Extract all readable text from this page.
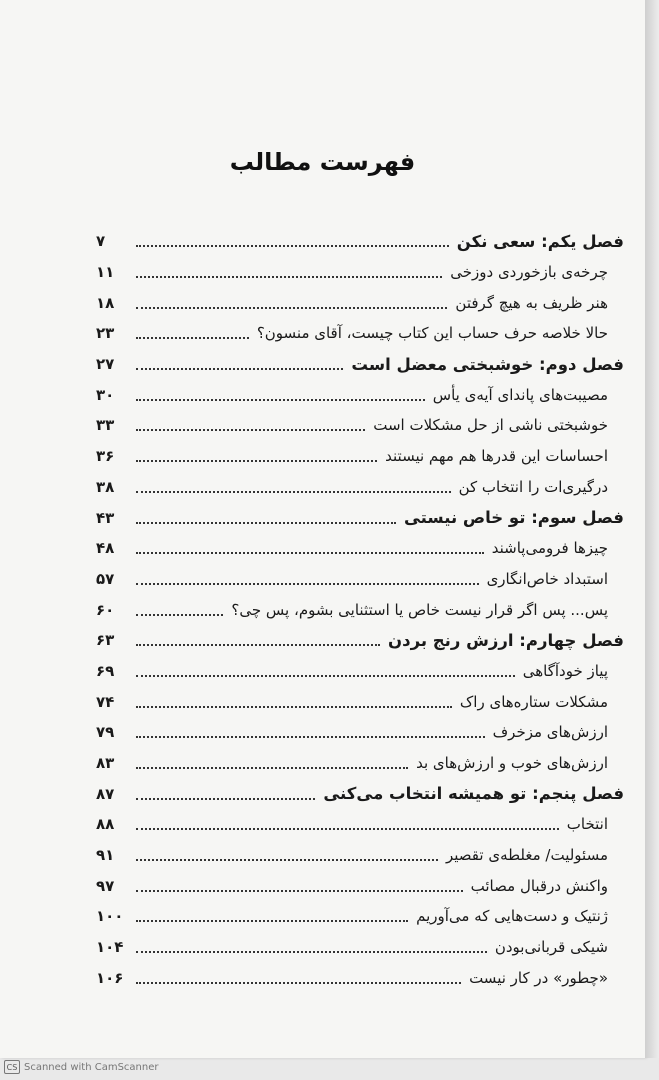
فهرست مطالب
فصل یکم: سعی نکن
۷
چرخه‌ی بازخوردی دوزخی
۱۱
هنر ظریف به هیچ گرفتن
۱۸
حالا خلاصه حرف حساب این کتاب چیست، آقای منسون؟
۲۳
فصل دوم: خوشبختی معضل است
۲۷
مصیبت‌های پاندای آیه‌ی یأس
۳۰
خوشبختی ناشی از حل مشکلات است
۳۳
احساسات این قدرها هم مهم نیستند
۳۶
درگیری‌ات را انتخاب کن
۳۸
فصل سوم: تو خاص نیستی
۴۳
چیزها فرومی‌پاشند
۴۸
استبداد خاص‌انگاری
۵۷
پس... پس اگر قرار نیست خاص یا استثنایی بشوم، پس چی؟
۶۰
فصل چهارم: ارزش رنج بردن
۶۳
پیاز خودآگاهی
۶۹
مشکلات ستاره‌های راک
۷۴
ارزش‌های مزخرف
۷۹
ارزش‌های خوب و ارزش‌های بد
۸۳
فصل پنجم: تو همیشه انتخاب می‌کنی
۸۷
انتخاب
۸۸
مسئولیت/ مغلطه‌ی تقصیر
۹۱
واکنش درقبال مصائب
۹۷
ژنتیک و دست‌هایی که می‌آوریم
۱۰۰
شیکی قربانی‌بودن
۱۰۴
«چطور» در کار نیست
۱۰۶
CS Scanned with CamScanner
